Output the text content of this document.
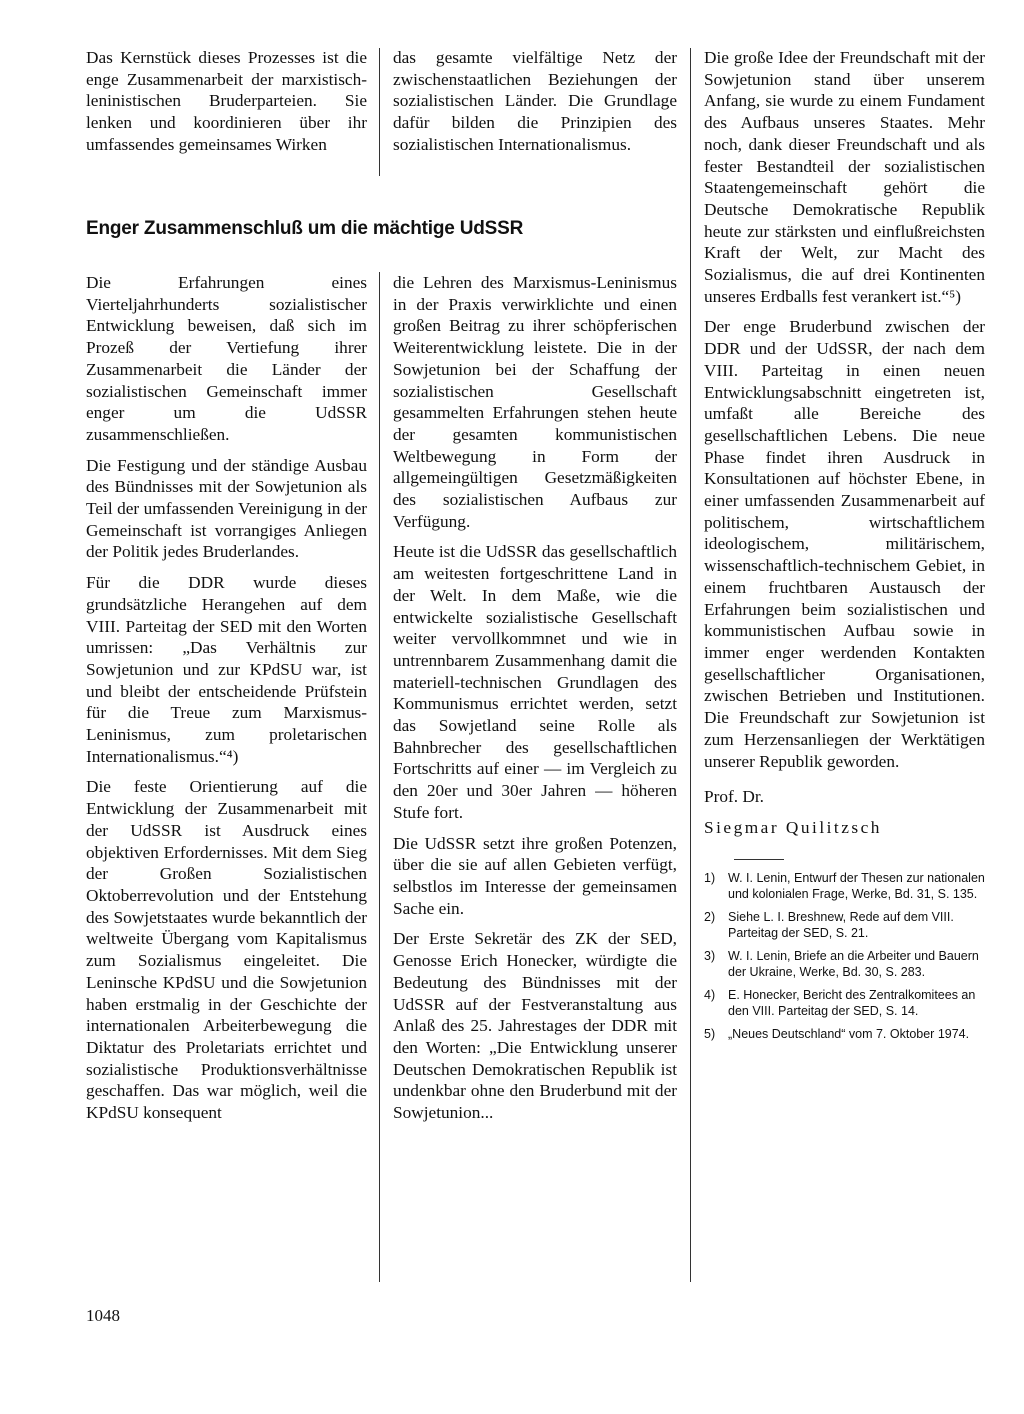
Das Kernstück dieses Prozesses ist die enge Zusammenarbeit der marxistisch-leninistischen Bruderparteien. Sie lenken und koordinieren über ihr umfassendes gemeinsames Wirken

das gesamte vielfältige Netz der zwischenstaatlichen Beziehungen der sozialistischen Länder. Die Grundlage dafür bilden die Prinzipien des sozialistischen Internationalismus.

Enger Zusammenschluß um die mächtige UdSSR

Die Erfahrungen eines Vierteljahrhunderts sozialistischer Entwicklung beweisen, daß sich im Prozeß der Vertiefung ihrer Zusammenarbeit die Länder der sozialistischen Gemeinschaft immer enger um die UdSSR zusammenschließen.

Die Festigung und der ständige Ausbau des Bündnisses mit der Sowjetunion als Teil der umfassenden Vereinigung in der Gemeinschaft ist vorrangiges Anliegen der Politik jedes Bruderlandes.

Für die DDR wurde dieses grundsätzliche Herangehen auf dem VIII. Parteitag der SED mit den Worten umrissen: „Das Verhältnis zur Sowjetunion und zur KPdSU war, ist und bleibt der entscheidende Prüfstein für die Treue zum Marxismus-Leninismus, zum proletarischen Internationalismus.“⁴)

Die feste Orientierung auf die Entwicklung der Zusammenarbeit mit der UdSSR ist Ausdruck eines objektiven Erfordernisses. Mit dem Sieg der Großen Sozialistischen Oktoberrevolution und der Entstehung des Sowjetstaates wurde bekanntlich der weltweite Übergang vom Kapitalismus zum Sozialismus eingeleitet. Die Leninsche KPdSU und die Sowjetunion haben erstmalig in der Geschichte der internationalen Arbeiterbewegung die Diktatur des Proletariats errichtet und sozialistische Produktionsverhältnisse geschaffen. Das war möglich, weil die KPdSU konsequent

die Lehren des Marxismus-Leninismus in der Praxis verwirklichte und einen großen Beitrag zu ihrer schöpferischen Weiterentwicklung leistete. Die in der Sowjetunion bei der Schaffung der sozialistischen Gesellschaft gesammelten Erfahrungen stehen heute der gesamten kommunistischen Weltbewegung in Form der allgemeingültigen Gesetzmäßigkeiten des sozialistischen Aufbaus zur Verfügung.

Heute ist die UdSSR das gesellschaftlich am weitesten fortgeschrittene Land in der Welt. In dem Maße, wie die entwickelte sozialistische Gesellschaft weiter vervollkommnet und wie in untrennbarem Zusammenhang damit die materiell-technischen Grundlagen des Kommunismus errichtet werden, setzt das Sowjetland seine Rolle als Bahnbrecher des gesellschaftlichen Fortschritts auf einer — im Vergleich zu den 20er und 30er Jahren — höheren Stufe fort.

Die UdSSR setzt ihre großen Potenzen, über die sie auf allen Gebieten verfügt, selbstlos im Interesse der gemeinsamen Sache ein.

Der Erste Sekretär des ZK der SED, Genosse Erich Honecker, würdigte die Bedeutung des Bündnisses mit der UdSSR auf der Festveranstaltung aus Anlaß des 25. Jahrestages der DDR mit den Worten: „Die Entwicklung unserer Deutschen Demokratischen Republik ist undenkbar ohne den Bruderbund mit der Sowjetunion...

Die große Idee der Freundschaft mit der Sowjetunion stand über unserem Anfang, sie wurde zu einem Fundament des Aufbaus unseres Staates. Mehr noch, dank dieser Freundschaft und als fester Bestandteil der sozialistischen Staatengemeinschaft gehört die Deutsche Demokratische Republik heute zur stärksten und einflußreichsten Kraft der Welt, zur Macht des Sozialismus, die auf drei Kontinenten unseres Erdballs fest verankert ist.“⁵)

Der enge Bruderbund zwischen der DDR und der UdSSR, der nach dem VIII. Parteitag in einen neuen Entwicklungsabschnitt eingetreten ist, umfaßt alle Bereiche des gesellschaftlichen Lebens. Die neue Phase findet ihren Ausdruck in Konsultationen auf höchster Ebene, in einer umfassenden Zusammenarbeit auf politischem, wirtschaftlichem ideologischem, militärischem, wissenschaftlich-technischem Gebiet, in einem fruchtbaren Austausch der Erfahrungen beim sozialistischen und kommunistischen Aufbau sowie in immer enger werdenden Kontakten gesellschaftlicher Organisationen, zwischen Betrieben und Institutionen. Die Freundschaft zur Sowjetunion ist zum Herzensanliegen der Werktätigen unserer Republik geworden.

Prof. Dr.

Siegmar Quilitzsch

1)	W. I. Lenin, Entwurf der Thesen zur nationalen und kolonialen Frage, Werke, Bd. 31, S. 135.
2)	Siehe L. I. Breshnew, Rede auf dem VIII. Parteitag der SED, S. 21.
3)	W. I. Lenin, Briefe an die Arbeiter und Bauern der Ukraine, Werke, Bd. 30, S. 283.
4)	E. Honecker, Bericht des Zentralkomitees an den VIII. Parteitag der SED, S. 14.
5)	„Neues Deutschland“ vom 7. Oktober 1974.
1048
